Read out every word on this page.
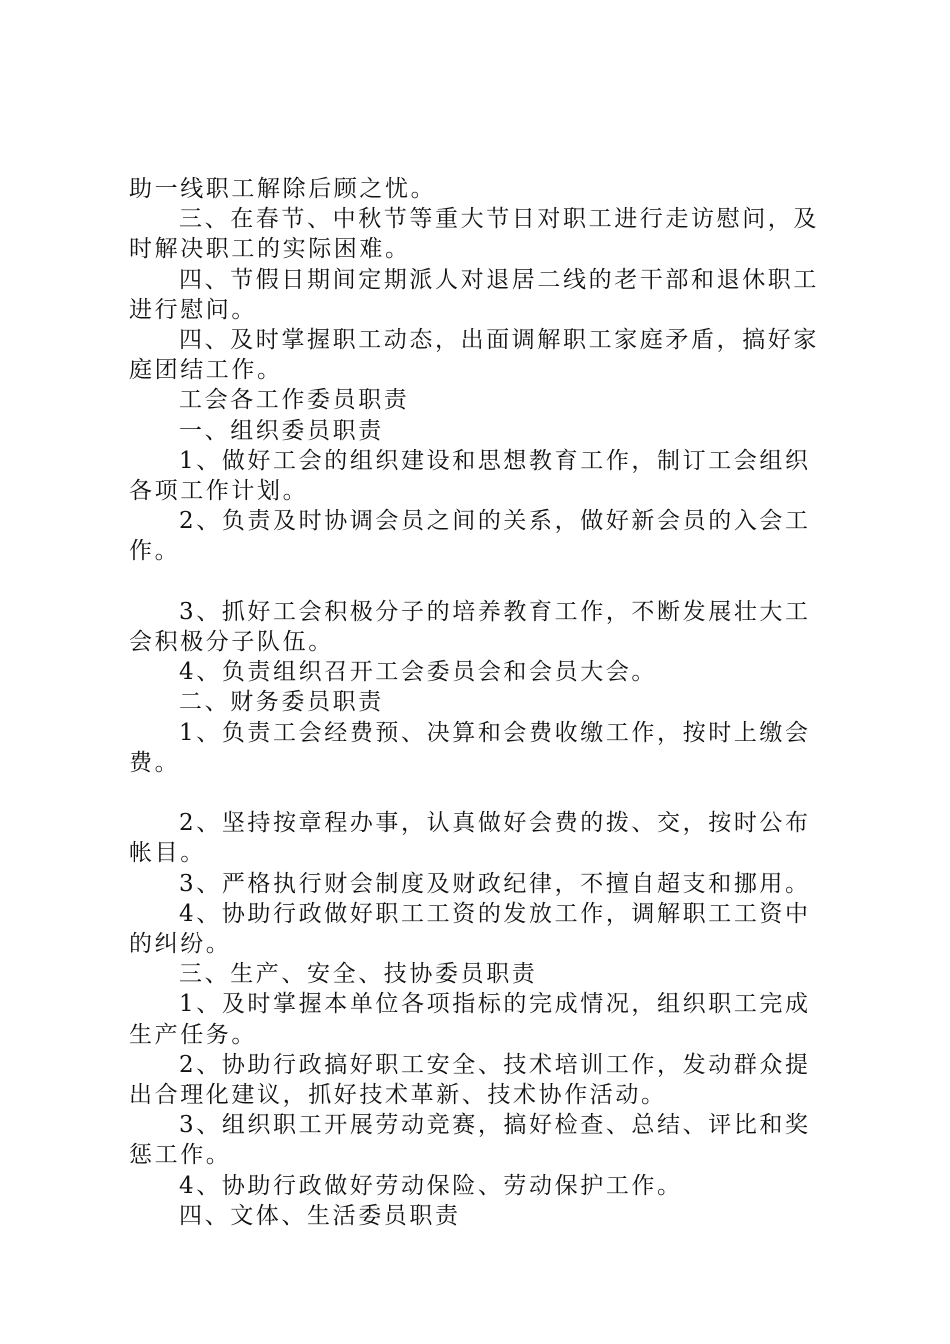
助一线职工解除后顾之忧。

三、在春节、中秋节等重大节日对职工进行走访慰问，及时解决职工的实际困难。

四、节假日期间定期派人对退居二线的老干部和退休职工进行慰问。

四、及时掌握职工动态，出面调解职工家庭矛盾，搞好家庭团结工作。

工会各工作委员职责

一、组织委员职责

1、做好工会的组织建设和思想教育工作，制订工会组织各项工作计划。

2、负责及时协调会员之间的关系，做好新会员的入会工作。

3、抓好工会积极分子的培养教育工作，不断发展壮大工会积极分子队伍。

4、负责组织召开工会委员会和会员大会。

二、财务委员职责

1、负责工会经费预、决算和会费收缴工作，按时上缴会费。

2、坚持按章程办事，认真做好会费的拨、交，按时公布帐目。

3、严格执行财会制度及财政纪律，不擅自超支和挪用。

4、协助行政做好职工工资的发放工作，调解职工工资中的纠纷。

三、生产、安全、技协委员职责

1、及时掌握本单位各项指标的完成情况，组织职工完成生产任务。

2、协助行政搞好职工安全、技术培训工作，发动群众提出合理化建议，抓好技术革新、技术协作活动。

3、组织职工开展劳动竞赛，搞好检查、总结、评比和奖惩工作。

4、协助行政做好劳动保险、劳动保护工作。

四、文体、生活委员职责
